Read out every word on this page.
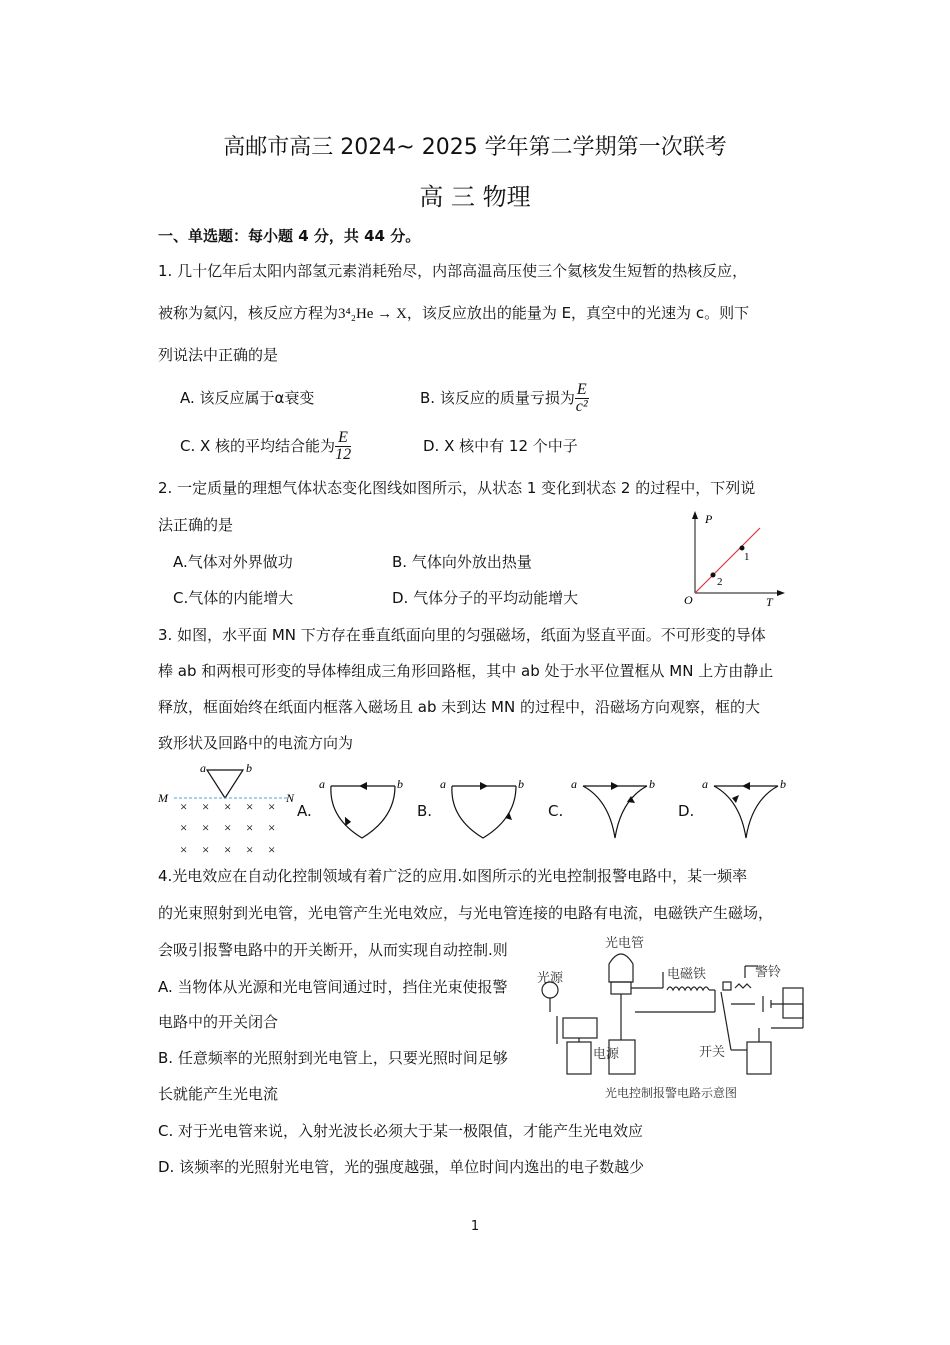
高邮市高三 2024~ 2025 学年第二学期第一次联考
高 三 物理
一、单选题：每小题 4 分，共 44 分。
1. 几十亿年后太阳内部氢元素消耗殆尽，内部高温高压使三个氦核发生短暂的热核反应，
被称为氦闪，核反应方程为3⁴₂He → X，该反应放出的能量为 E，真空中的光速为 c。则下
列说法中正确的是
A. 该反应属于α衰变	B. 该反应的质量亏损为 $\frac{E}{\text{c²}}$
C. X 核的平均结合能为 $\frac{E}{12}$	D. X 核中有 12 个中子
2. 一定质量的理想气体状态变化图线如图所示，从状态 1 变化到状态 2 的过程中，下列说
法正确的是
A.气体对外界做功	B. 气体向外放出热量
C.气体的内能增大	D. 气体分子的平均动能增大
P
O	T
1
2
3. 如图，水平面 MN 下方存在垂直纸面向里的匀强磁场，纸面为竖直平面。不可形变的导体
棒 ab 和两根可形变的导体棒组成三角形回路框，其中 ab 处于水平位置框从 MN 上方由静止
释放，框面始终在纸面内框落入磁场且 ab 未到达 MN 的过程中，沿磁场方向观察，框的大
致形状及回路中的电流方向为
a	b
M	N
× × × × ×
× × × × ×
× × × × ×
A.
a	b
B.
a	b
C.
a	b
D.
a	b
4.光电效应在自动化控制领域有着广泛的应用.如图所示的光电控制报警电路中，某一频率
的光束照射到光电管，光电管产生光电效应，与光电管连接的电路有电流，电磁铁产生磁场，
会吸引报警电路中的开关断开，从而实现自动控制.则
A. 当物体从光源和光电管间通过时，挡住光束使报警
电路中的开关闭合
B. 任意频率的光照射到光电管上，只要光照时间足够
长就能产生光电流
C. 对于光电管来说，入射光波长必须大于某一极限值，才能产生光电效应
D. 该频率的光照射光电管，光的强度越强，单位时间内逸出的电子数越少
光电管
光源	电磁铁	警铃
电源	开关
光电控制报警电路示意图
1
